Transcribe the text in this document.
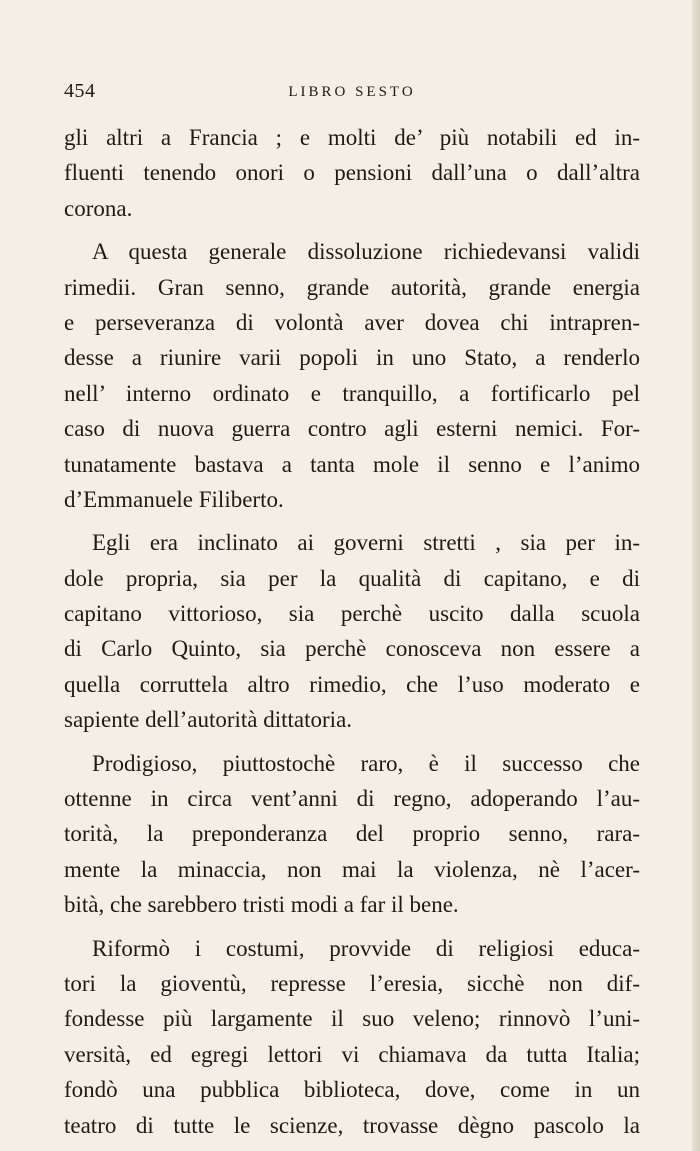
454	LIBRO SESTO
gli altri a Francia ; e molti de’ più notabili ed in-
fluenti tenendo onori o pensioni dall’una o dall’altra
corona.
A questa generale dissoluzione richiedevansi validi
rimedii. Gran senno, grande autorità, grande energia
e perseveranza di volontà aver dovea chi intrapren-
desse a riunire varii popoli in uno Stato, a renderlo
nell’ interno ordinato e tranquillo, a fortificarlo pel
caso di nuova guerra contro agli esterni nemici. For-
tunatamente bastava a tanta mole il senno e l’animo
d’Emmanuele Filiberto.
Egli era inclinato ai governi stretti , sia per in-
dole propria, sia per la qualità di capitano, e di
capitano vittorioso, sia perchè uscito dalla scuola
di Carlo Quinto, sia perchè conosceva non essere a
quella corruttela altro rimedio, che l’uso moderato e
sapiente dell’autorità dittatoria.
Prodigioso, piuttostochè raro, è il successo che
ottenne in circa vent’anni di regno, adoperando l’au-
torità, la preponderanza del proprio senno, rara-
mente la minaccia, non mai la violenza, nè l’acer-
bità, che sarebbero tristi modi a far il bene.
Riformò i costumi, provvide di religiosi educa-
tori la gioventù, represse l’eresia, sicchè non dif-
fondesse più largamente il suo veleno; rinnovò l’uni-
versità, ed egregi lettori vi chiamava da tutta Italia;
fondò una pubblica biblioteca, dove, come in un
teatro di tutte le scienze, trovasse dègno pascolo la
